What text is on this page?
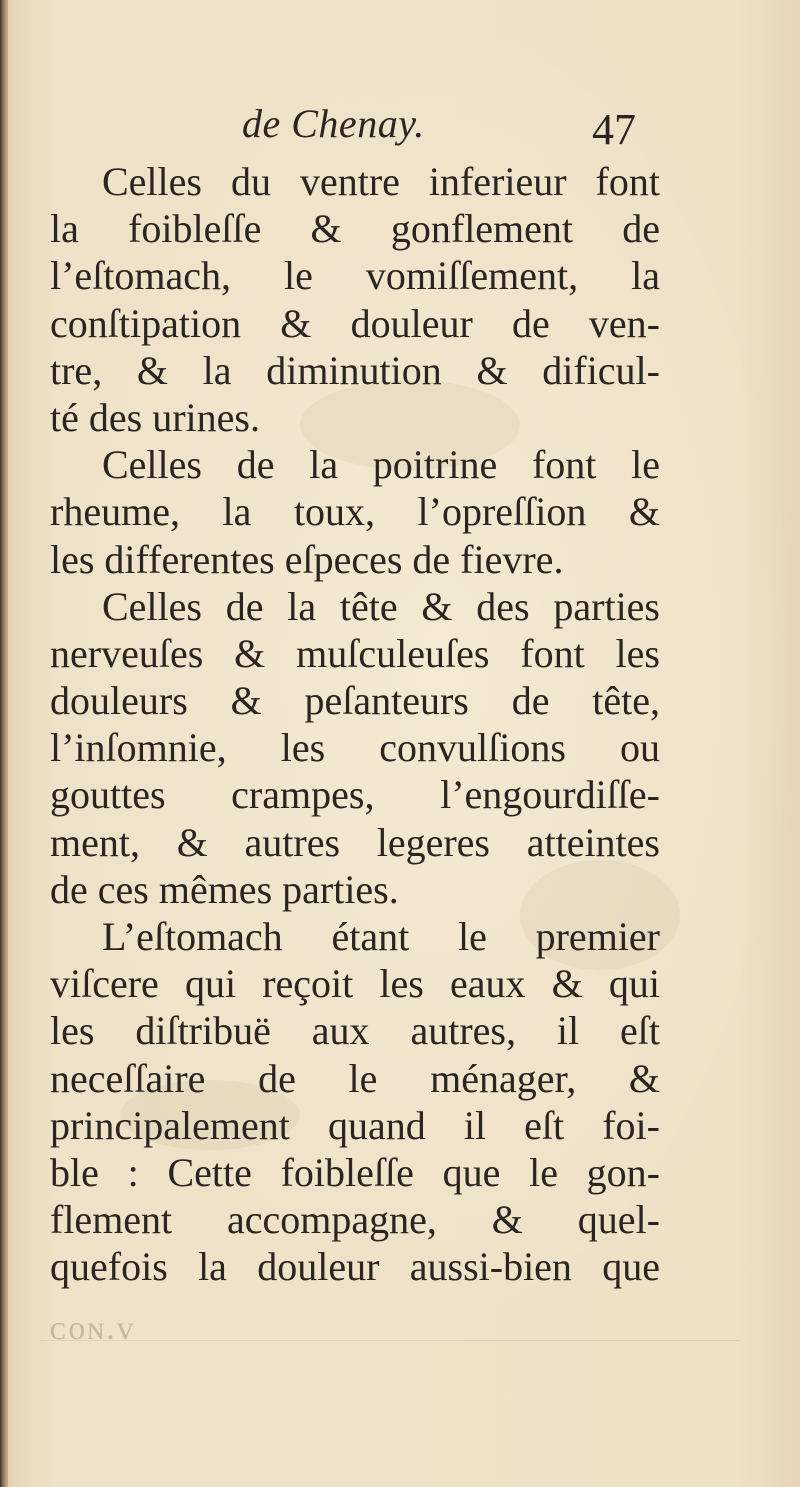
de Chenay.	47
Celles du ventre inferieur font
la foibleſſe & gonflement de
l’eſtomach, le vomiſſement, la
conſtipation & douleur de ven-
tre, & la diminution & dificul-
té des urines.
Celles de la poitrine font le
rheume, la toux, l’opreſſion &
les differentes eſpeces de fievre.
Celles de la tête & des parties
nerveuſes & muſculeuſes font les
douleurs & peſanteurs de tête,
l’inſomnie, les convulſions ou
gouttes crampes, l’engourdiſſe-
ment, & autres legeres atteintes
de ces mêmes parties.
L’eſtomach étant le premier
viſcere qui reçoit les eaux & qui
les diſtribuë aux autres, il eſt
neceſſaire de le ménager, &
principalement quand il eſt foi-
ble : Cette foibleſſe que le gon-
flement accompagne, & quel-
quefois la douleur aussi-bien que
ᴄᴏɴ.ᴠ
